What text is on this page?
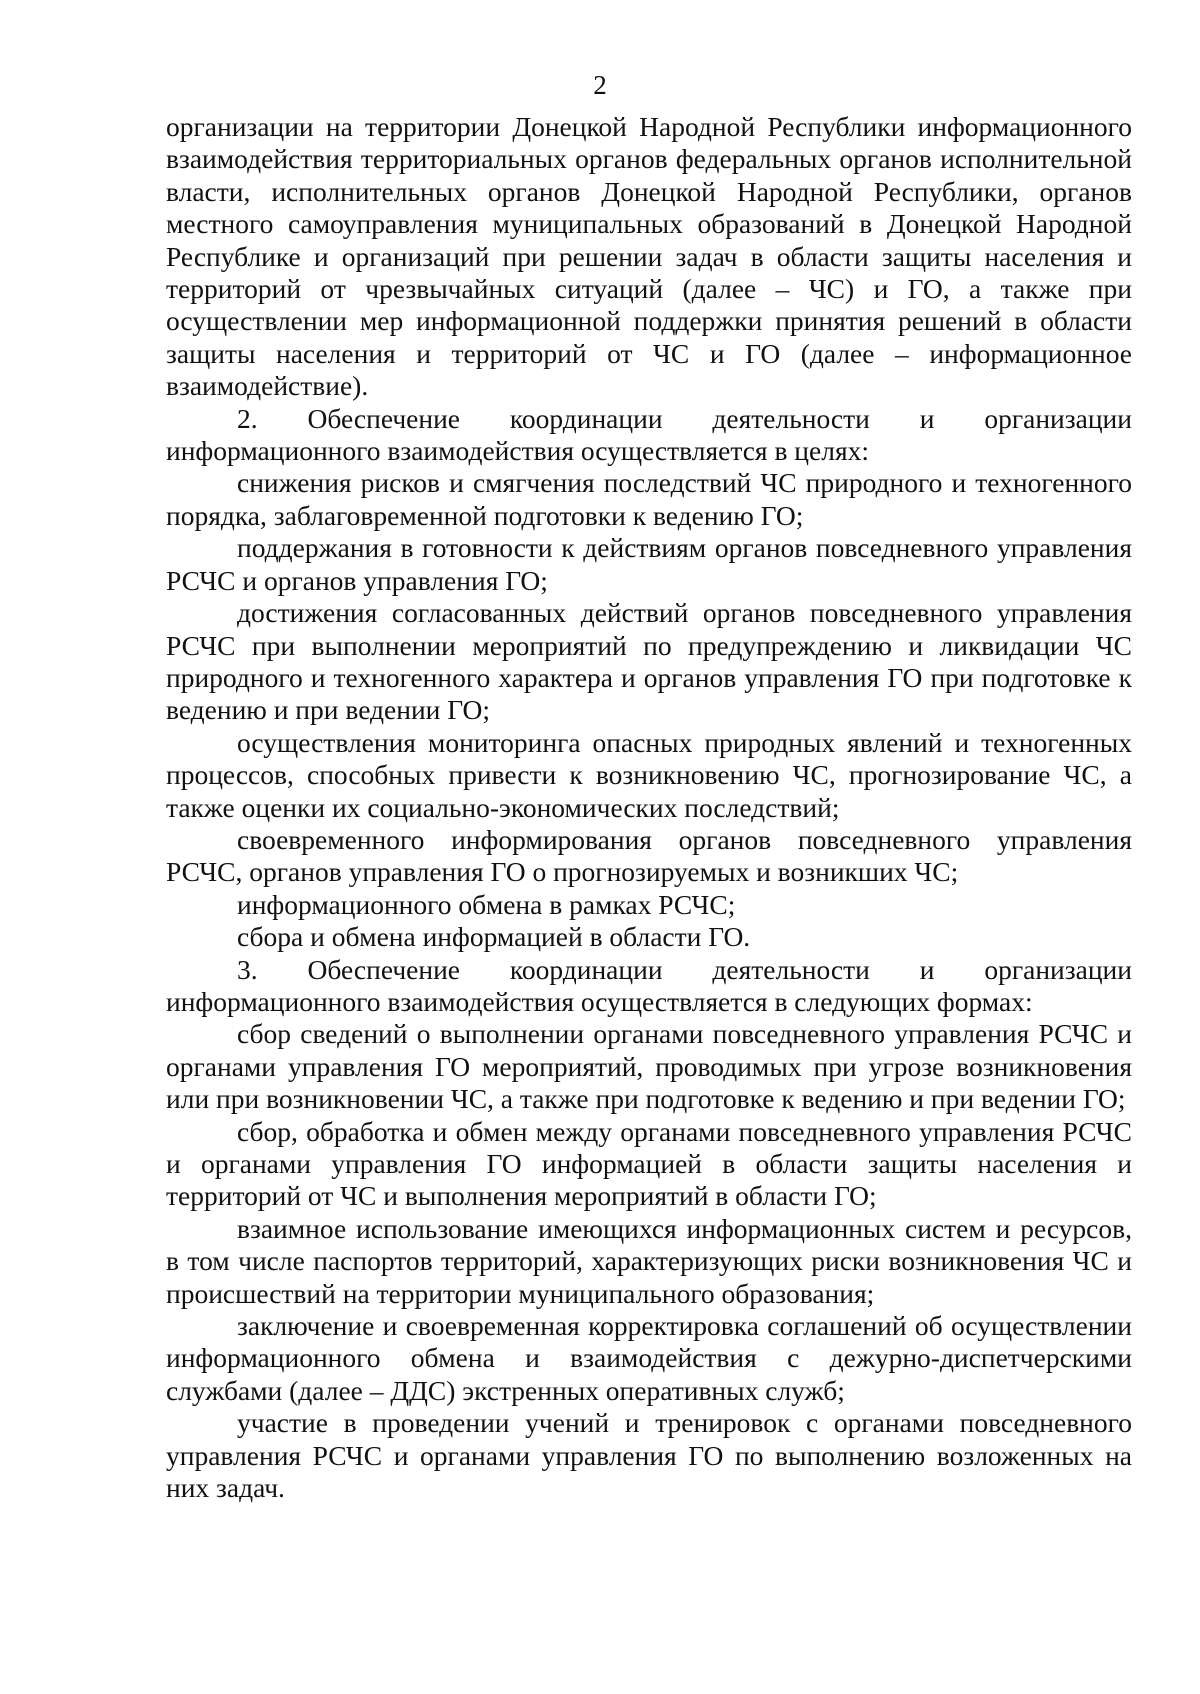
2

организации на территории Донецкой Народной Республики информационного взаимодействия территориальных органов федеральных органов исполнительной власти, исполнительных органов Донецкой Народной Республики, органов местного самоуправления муниципальных образований в Донецкой Народной Республике и организаций при решении задач в области защиты населения и территорий от чрезвычайных ситуаций (далее – ЧС) и ГО, а также при осуществлении мер информационной поддержки принятия решений в области защиты населения и территорий от ЧС и ГО (далее – информационное взаимодействие).

2. Обеспечение координации деятельности и организации информационного взаимодействия осуществляется в целях:

снижения рисков и смягчения последствий ЧС природного и техногенного порядка, заблаговременной подготовки к ведению ГО;

поддержания в готовности к действиям органов повседневного управления РСЧС и органов управления ГО;

достижения согласованных действий органов повседневного управления РСЧС при выполнении мероприятий по предупреждению и ликвидации ЧС природного и техногенного характера и органов управления ГО при подготовке к ведению и при ведении ГО;

осуществления мониторинга опасных природных явлений и техногенных процессов, способных привести к возникновению ЧС, прогнозирование ЧС, а также оценки их социально-экономических последствий;

своевременного информирования органов повседневного управления РСЧС, органов управления ГО о прогнозируемых и возникших ЧС;

информационного обмена в рамках РСЧС;

сбора и обмена информацией в области ГО.

3. Обеспечение координации деятельности и организации информационного взаимодействия осуществляется в следующих формах:

сбор сведений о выполнении органами повседневного управления РСЧС и органами управления ГО мероприятий, проводимых при угрозе возникновения или при возникновении ЧС, а также при подготовке к ведению и при ведении ГО;

сбор, обработка и обмен между органами повседневного управления РСЧС и органами управления ГО информацией в области защиты населения и территорий от ЧС и выполнения мероприятий в области ГО;

взаимное использование имеющихся информационных систем и ресурсов, в том числе паспортов территорий, характеризующих риски возникновения ЧС и происшествий на территории муниципального образования;

заключение и своевременная корректировка соглашений об осуществлении информационного обмена и взаимодействия с дежурно-диспетчерскими службами (далее – ДДС) экстренных оперативных служб;

участие в проведении учений и тренировок с органами повседневного управления РСЧС и органами управления ГО по выполнению возложенных на них задач.
